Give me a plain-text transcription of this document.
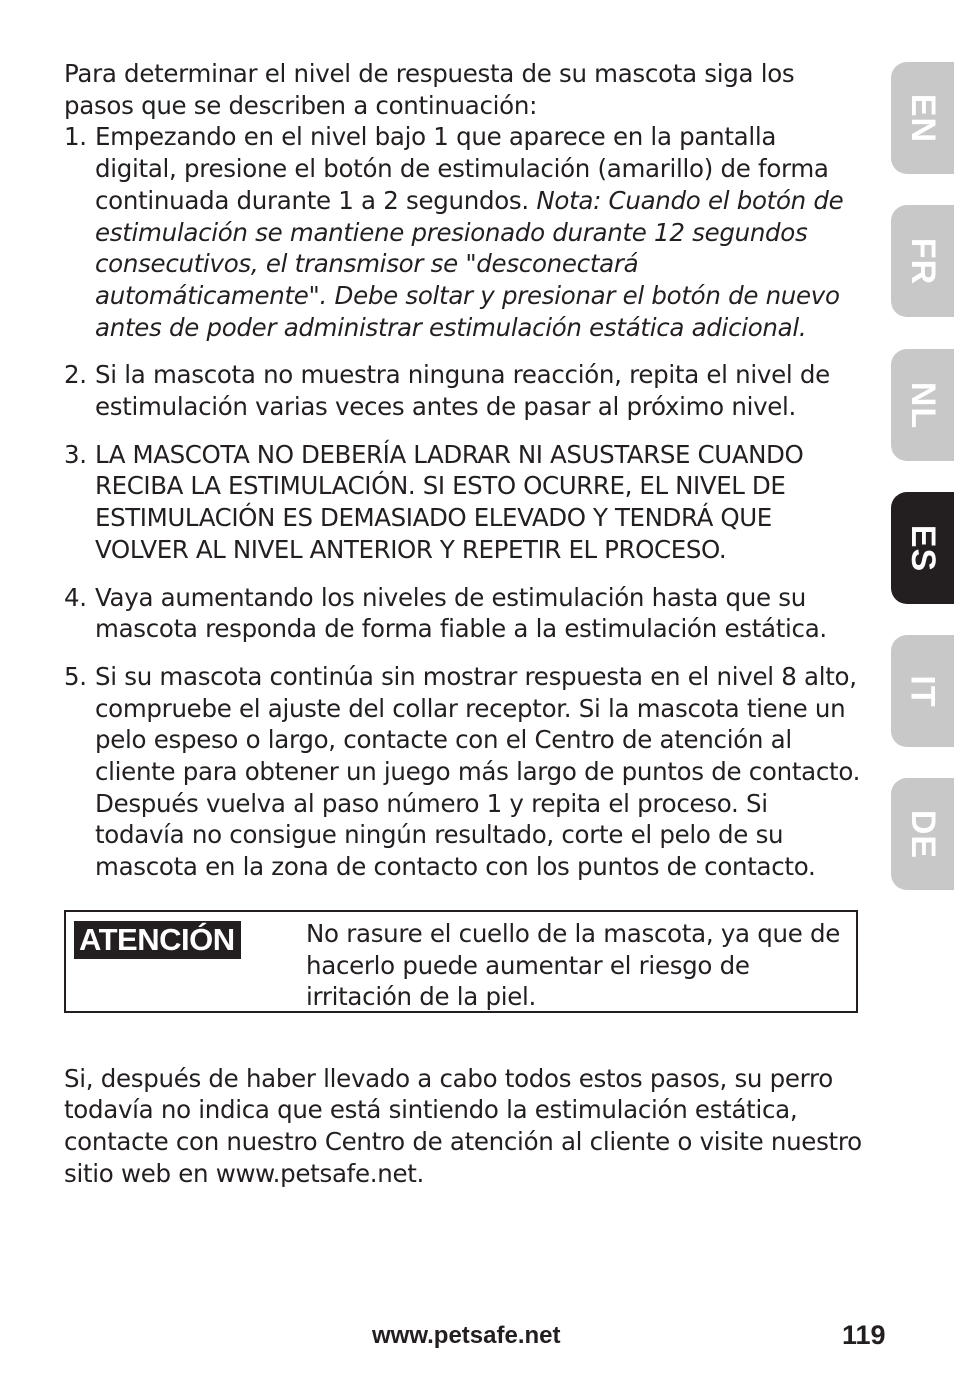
Para determinar el nivel de respuesta de su mascota siga los pasos que se describen a continuación:

1. Empezando en el nivel bajo 1 que aparece en la pantalla digital, presione el botón de estimulación (amarillo) de forma continuada durante 1 a 2 segundos. Nota: Cuando el botón de estimulación se mantiene presionado durante 12 segundos consecutivos, el transmisor se "desconectará automáticamente". Debe soltar y presionar el botón de nuevo antes de poder administrar estimulación estática adicional.
2. Si la mascota no muestra ninguna reacción, repita el nivel de estimulación varias veces antes de pasar al próximo nivel.
3. LA MASCOTA NO DEBERÍA LADRAR NI ASUSTARSE CUANDO RECIBA LA ESTIMULACIÓN. SI ESTO OCURRE, EL NIVEL DE ESTIMULACIÓN ES DEMASIADO ELEVADO Y TENDRÁ QUE VOLVER AL NIVEL ANTERIOR Y REPETIR EL PROCESO.
4. Vaya aumentando los niveles de estimulación hasta que su mascota responda de forma fiable a la estimulación estática.
5. Si su mascota continúa sin mostrar respuesta en el nivel 8 alto, compruebe el ajuste del collar receptor. Si la mascota tiene un pelo espeso o largo, contacte con el Centro de atención al cliente para obtener un juego más largo de puntos de contacto. Después vuelva al paso número 1 y repita el proceso. Si todavía no consigue ningún resultado, corte el pelo de su mascota en la zona de contacto con los puntos de contacto.
ATENCIÓN	No rasure el cuello de la mascota, ya que de hacerlo puede aumentar el riesgo de irritación de la piel.

Si, después de haber llevado a cabo todos estos pasos, su perro todavía no indica que está sintiendo la estimulación estática, contacte con nuestro Centro de atención al cliente o visite nuestro sitio web en www.petsafe.net.

EN
FR
NL
ES
IT
DE
www.petsafe.net	119
